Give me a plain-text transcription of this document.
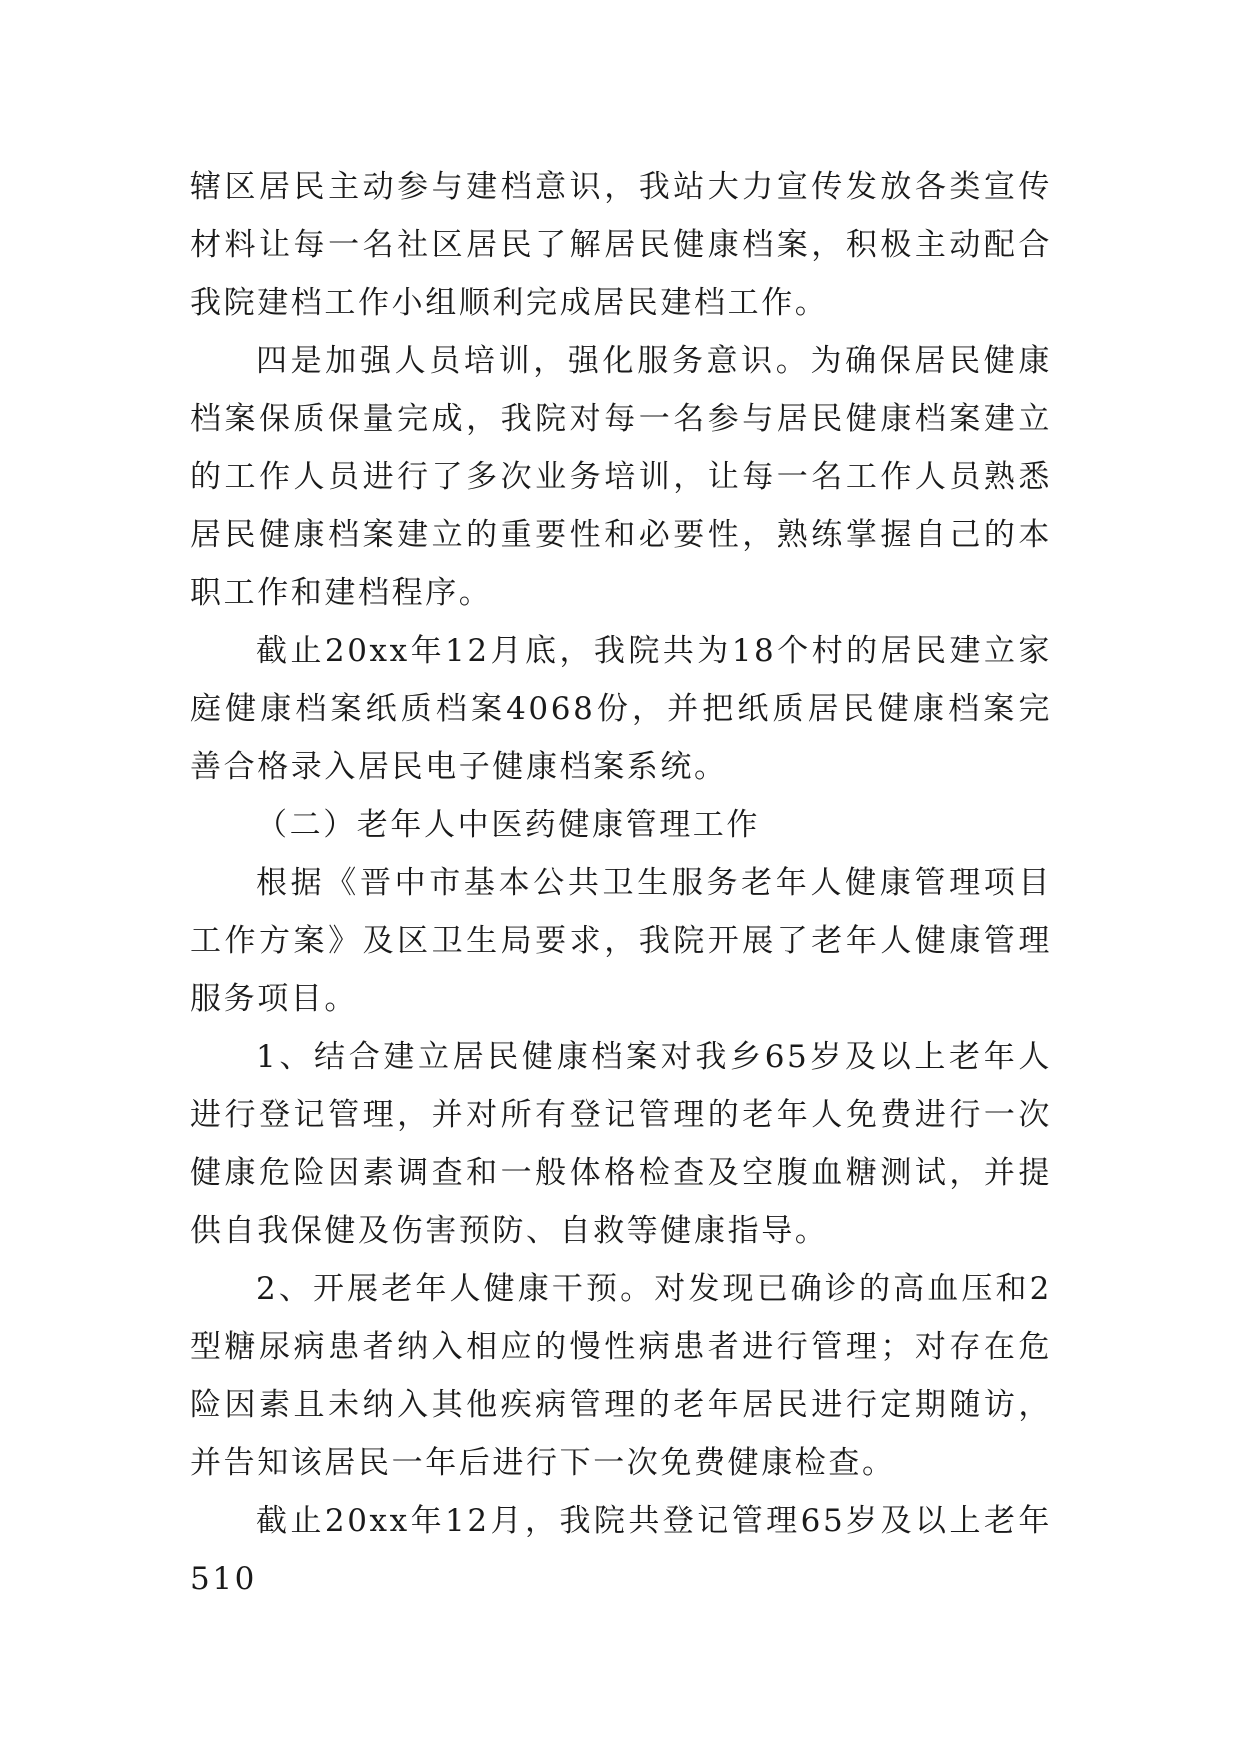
辖区居民主动参与建档意识，我站大力宣传发放各类宣传材料让每一名社区居民了解居民健康档案，积极主动配合我院建档工作小组顺利完成居民建档工作。

四是加强人员培训，强化服务意识。为确保居民健康档案保质保量完成，我院对每一名参与居民健康档案建立的工作人员进行了多次业务培训，让每一名工作人员熟悉居民健康档案建立的重要性和必要性，熟练掌握自己的本职工作和建档程序。

截止20xx年12月底，我院共为18个村的居民建立家庭健康档案纸质档案4068份，并把纸质居民健康档案完善合格录入居民电子健康档案系统。

（二）老年人中医药健康管理工作

根据《晋中市基本公共卫生服务老年人健康管理项目工作方案》及区卫生局要求，我院开展了老年人健康管理服务项目。

1、结合建立居民健康档案对我乡65岁及以上老年人进行登记管理，并对所有登记管理的老年人免费进行一次健康危险因素调查和一般体格检查及空腹血糖测试，并提供自我保健及伤害预防、自救等健康指导。

2、开展老年人健康干预。对发现已确诊的高血压和2型糖尿病患者纳入相应的慢性病患者进行管理；对存在危险因素且未纳入其他疾病管理的老年居民进行定期随访，并告知该居民一年后进行下一次免费健康检查。

截止20xx年12月，我院共登记管理65岁及以上老年510
